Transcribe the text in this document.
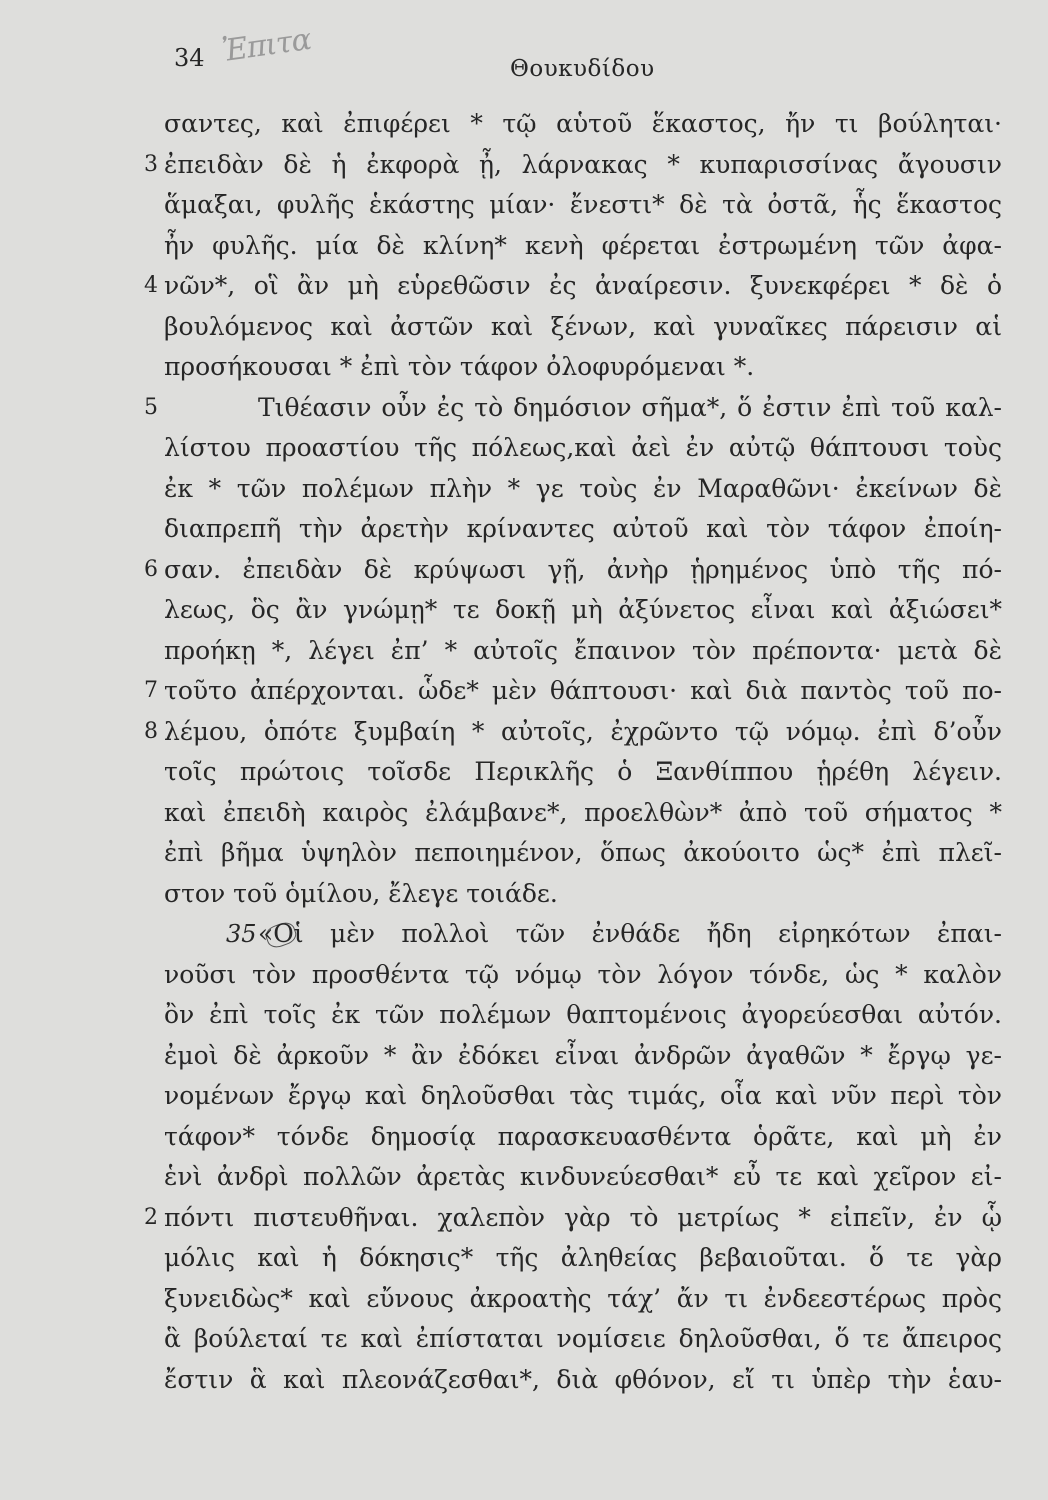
34 Ἐπιτα	Θουκυδίδου
σαντες, καὶ ἐπιφέρει * τῷ αὑτοῦ ἕκαστος, ἤν τι βούληται·
3 ἐπειδὰν δὲ ἡ ἐκφορὰ ᾖ, λάρνακας * κυπαρισσίνας ἄγουσιν
ἅμαξαι, φυλῆς ἑκάστης μίαν· ἔνεστι* δὲ τὰ ὀστᾶ, ἧς ἕκαστος
ἦν φυλῆς. μία δὲ κλίνη* κενὴ φέρεται ἐστρωμένη τῶν ἀφα-
4 νῶν*, οἳ ἂν μὴ εὑρεθῶσιν ἐς ἀναίρεσιν. ξυνεκφέρει * δὲ ὁ
βουλόμενος καὶ ἀστῶν καὶ ξένων, καὶ γυναῖκες πάρεισιν αἱ
προσήκουσαι * ἐπὶ τὸν τάφον ὀλοφυρόμεναι *.
5	Τιθέασιν οὖν ἐς τὸ δημόσιον σῆμα*, ὅ ἐστιν ἐπὶ τοῦ καλ-
λίστου προαστίου τῆς πόλεως,καὶ ἀεὶ ἐν αὐτῷ θάπτουσι τοὺς
ἐκ * τῶν πολέμων πλὴν * γε τοὺς ἐν Μαραθῶνι· ἐκείνων δὲ
διαπρεπῆ τὴν ἀρετὴν κρίναντες αὐτοῦ καὶ τὸν τάφον ἐποίη-
6 σαν. ἐπειδὰν δὲ κρύψωσι γῇ, ἀνὴρ ᾑρημένος ὑπὸ τῆς πό-
λεως, ὃς ἂν γνώμῃ* τε δοκῇ μὴ ἀξύνετος εἶναι καὶ ἀξιώσει*
προήκῃ *, λέγει ἐπ’ * αὐτοῖς ἔπαινον τὸν πρέποντα· μετὰ δὲ
7 τοῦτο ἀπέρχονται. ὧδε* μὲν θάπτουσι· καὶ διὰ παντὸς τοῦ πο-
8 λέμου, ὁπότε ξυμβαίη * αὐτοῖς, ἐχρῶντο τῷ νόμῳ. ἐπὶ δ’οὖν
τοῖς πρώτοις τοῖσδε Περικλῆς ὁ Ξανθίππου ᾑρέθη λέγειν.
καὶ ἐπειδὴ καιρὸς ἐλάμβανε*, προελθὼν* ἀπὸ τοῦ σήματος *
ἐπὶ βῆμα ὑψηλὸν πεποιημένον, ὅπως ἀκούοιτο ὡς* ἐπὶ πλεῖ-
στον τοῦ ὁμίλου, ἔλεγε τοιάδε.
35 «Οἱ μὲν πολλοὶ τῶν ἐνθάδε ἤδη εἰρηκότων ἐπαι-
νοῦσι τὸν προσθέντα τῷ νόμῳ τὸν λόγον τόνδε, ὡς * καλὸν
ὂν ἐπὶ τοῖς ἐκ τῶν πολέμων θαπτομένοις ἀγορεύεσθαι αὐτόν.
ἐμοὶ δὲ ἀρκοῦν * ἂν ἐδόκει εἶναι ἀνδρῶν ἀγαθῶν * ἔργῳ γε-
νομένων ἔργῳ καὶ δηλοῦσθαι τὰς τιμάς, οἷα καὶ νῦν περὶ τὸν
τάφον* τόνδε δημοσίᾳ παρασκευασθέντα ὁρᾶτε, καὶ μὴ ἐν
ἑνὶ ἀνδρὶ πολλῶν ἀρετὰς κινδυνεύεσθαι* εὖ τε καὶ χεῖρον εἰ-
2 πόντι πιστευθῆναι. χαλεπὸν γὰρ τὸ μετρίως * εἰπεῖν, ἐν ᾧ
μόλις καὶ ἡ δόκησις* τῆς ἀληθείας βεβαιοῦται. ὅ τε γὰρ
ξυνειδὼς* καὶ εὔνους ἀκροατὴς τάχ’ ἄν τι ἐνδεεστέρως πρὸς
ἃ βούλεταί τε καὶ ἐπίσταται νομίσειε δηλοῦσθαι, ὅ τε ἄπειρος
ἔστιν ἃ καὶ πλεονάζεσθαι*, διὰ φθόνον, εἴ τι ὑπὲρ τὴν ἑαυ-
